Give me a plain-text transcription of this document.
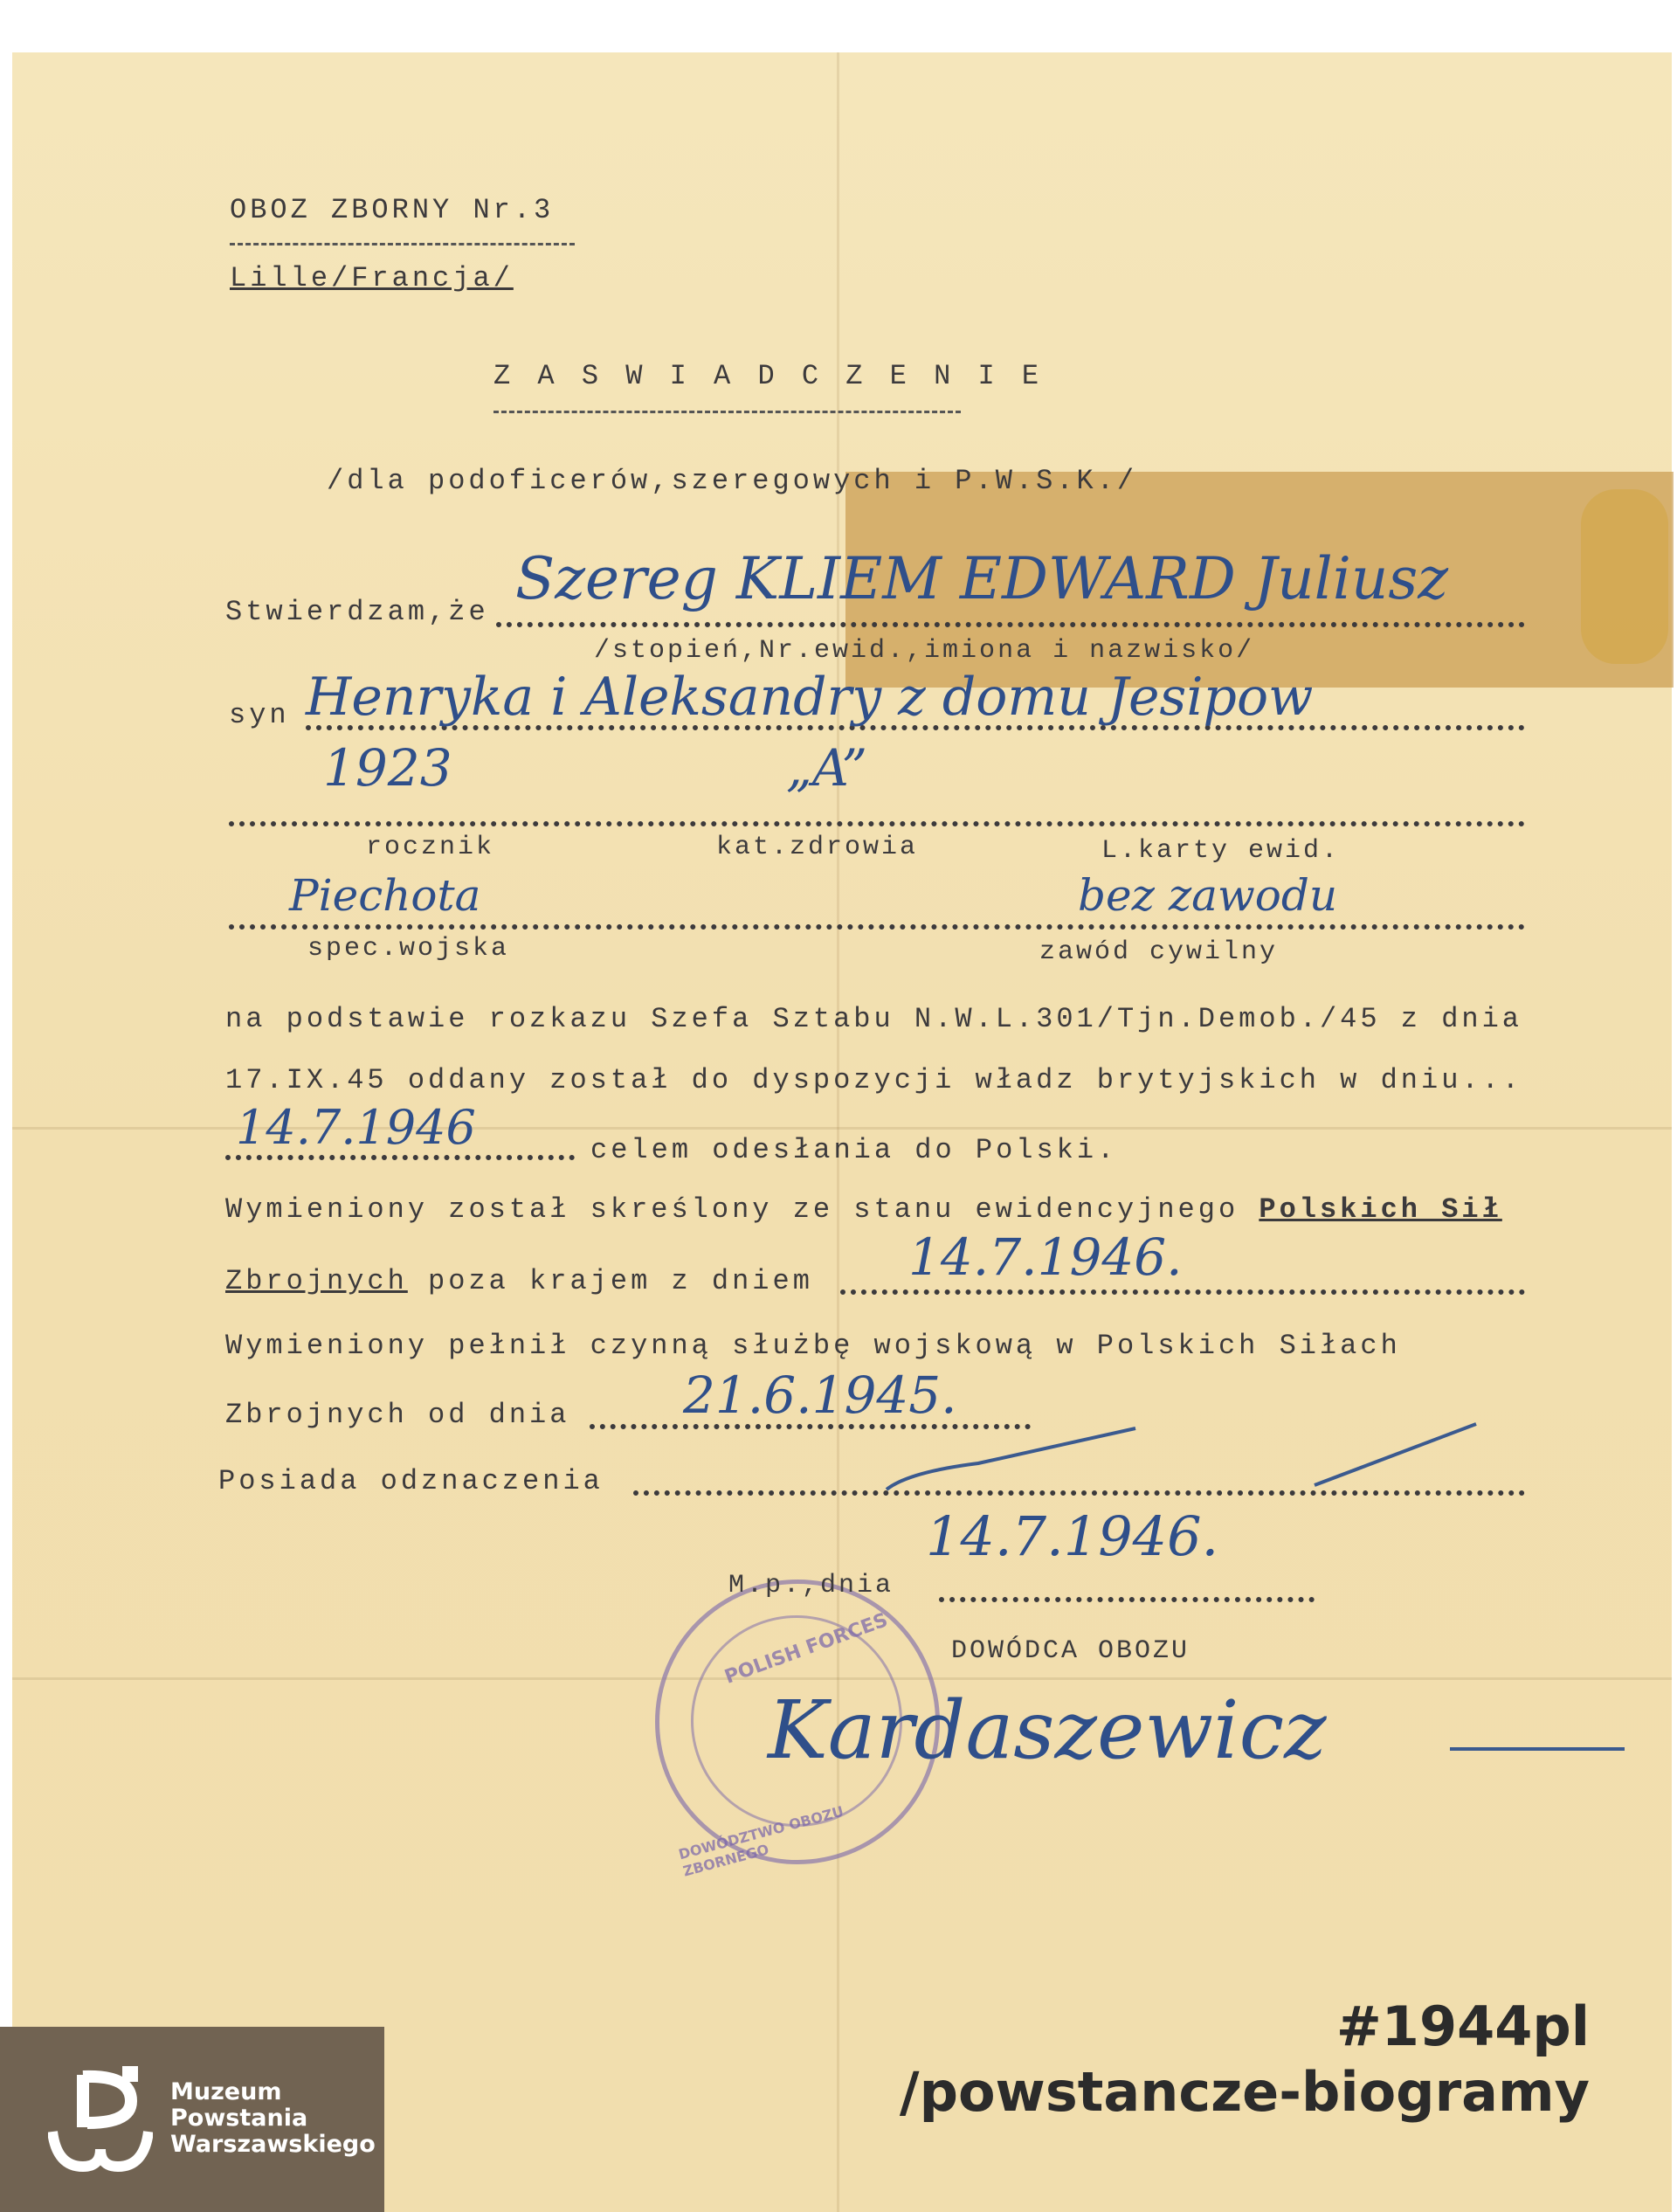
OBOZ ZBORNY Nr.3
Lille/Francja/
Z A S W I A D C Z E N I E
/dla podoficerów,szeregowych i P.W.S.K./
Stwierdzam,że Szereg KLIEM EDWARD Juliusz
/stopień,Nr.ewid.,imiona i nazwisko/
syn Henryka i Aleksandry z domu Jesipow
1923	„A”
rocznik	kat.zdrowia	L.karty ewid.
Piechota	bez zawodu
spec.wojska	zawód cywilny
na podstawie rozkazu Szefa Sztabu N.W.L.301/Tjn.Demob./45 z dnia
17.IX.45 oddany został do dyspozycji władz brytyjskich w dniu...
14.7.1946	celem odesłania do Polski.
Wymieniony został skreślony ze stanu ewidencyjnego Polskich Sił
Zbrojnych poza krajem z dniem 14.7.1946.
Wymieniony pełnił czynną służbę wojskową w Polskich Siłach
Zbrojnych od dnia 21.6.1945.
Posiada odznaczenia
POLISH FORCES
DOWÓDZTWO OBOZU ZBORNEGO
M.p.,dnia
14.7.1946.
DOWÓDCA OBOZU
Kardaszewicz
Muzeum
Powstania
Warszawskiego
#1944pl
/powstancze-biogramy
